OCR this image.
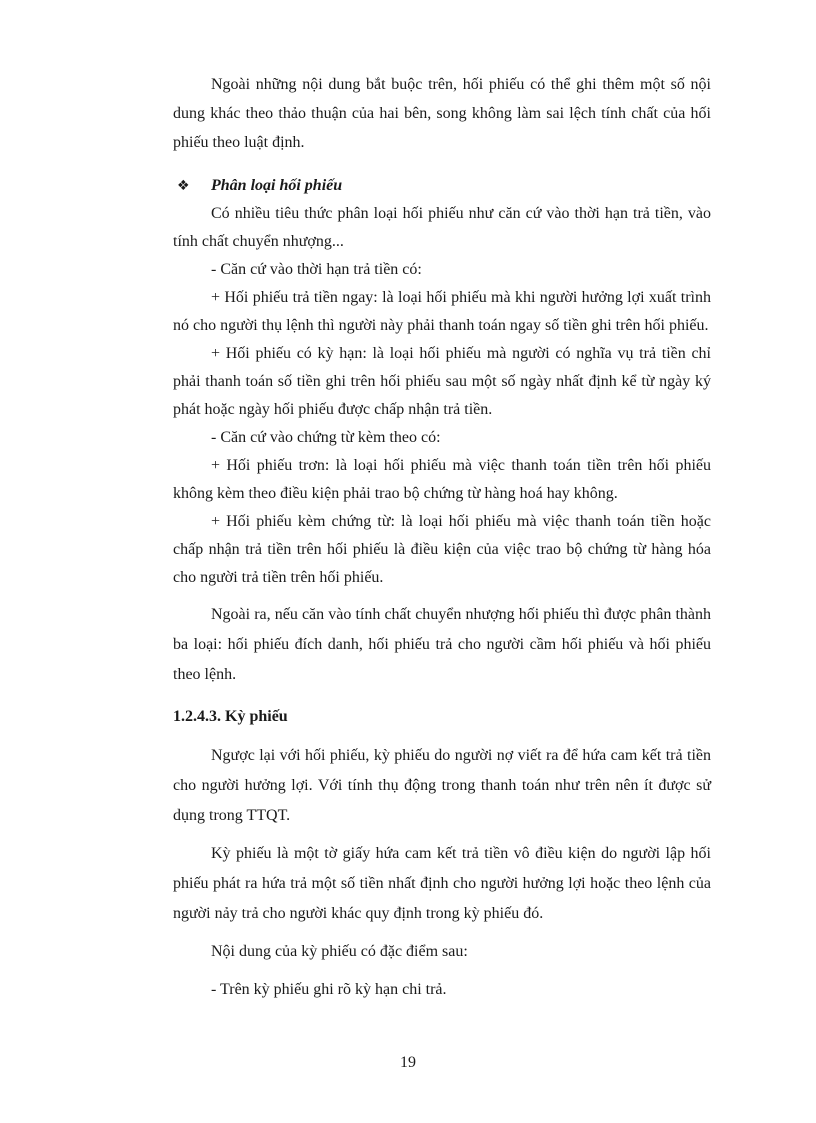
Ngoài những nội dung bắt buộc trên, hối phiếu có thể ghi thêm một số nội dung khác theo thảo thuận của hai bên, song không làm sai lệch tính chất của hối phiếu theo luật định.

❖ Phân loại hối phiếu

Có nhiều tiêu thức phân loại hối phiếu như căn cứ vào thời hạn trả tiền, vào tính chất chuyển nhượng...

- Căn cứ vào thời hạn trả tiền có:

+ Hối phiếu trả tiền ngay: là loại hối phiếu mà khi người hưởng lợi xuất trình nó cho người thụ lệnh thì người này phải thanh toán ngay số tiền ghi trên hối phiếu.

+ Hối phiếu có kỳ hạn: là loại hối phiếu mà người có nghĩa vụ trả tiền chỉ phải thanh toán số tiền ghi trên hối phiếu sau một số ngày nhất định kể từ ngày ký phát hoặc ngày hối phiếu được chấp nhận trả tiền.

- Căn cứ vào chứng từ kèm theo có:

+ Hối phiếu trơn: là loại hối phiếu mà việc thanh toán tiền trên hối phiếu không kèm theo điều kiện phải trao bộ chứng từ hàng hoá hay không.

+ Hối phiếu kèm chứng từ: là loại hối phiếu mà việc thanh toán tiền hoặc chấp nhận trả tiền trên hối phiếu là điều kiện của việc trao bộ chứng từ hàng hóa cho người trả tiền trên hối phiếu.

Ngoài ra, nếu căn vào tính chất chuyển nhượng hối phiếu thì được phân thành ba loại: hối phiếu đích danh, hối phiếu trả cho người cầm hối phiếu và hối phiếu theo lệnh.

1.2.4.3. Kỳ phiếu

Ngược lại với hối phiếu, kỳ phiếu do người nợ viết ra để hứa cam kết trả tiền cho người hưởng lợi. Với tính thụ động trong thanh toán như trên nên ít được sử dụng trong TTQT.

Kỳ phiếu là một tờ giấy hứa cam kết trả tiền vô điều kiện do người lập hối phiếu phát ra hứa trả một số tiền nhất định cho người hưởng lợi hoặc theo lệnh của người nảy trả cho người khác quy định trong kỳ phiếu đó.

Nội dung của kỳ phiếu có đặc điểm sau:

- Trên kỳ phiếu ghi rõ kỳ hạn chi trả.

19
